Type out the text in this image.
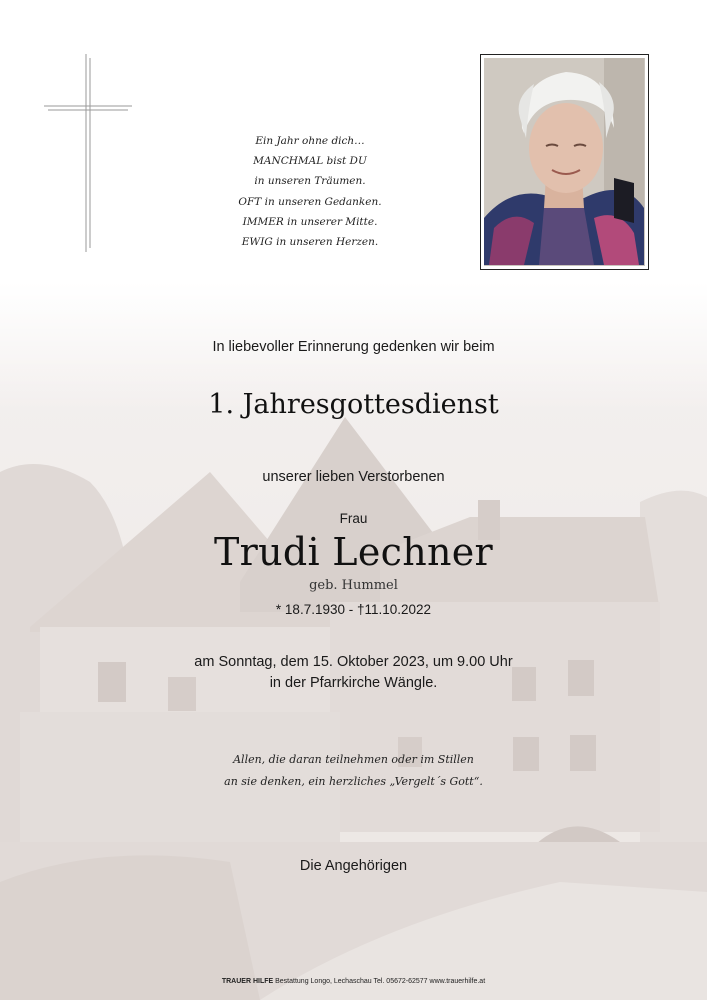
Ein Jahr ohne dich…
MANCHMAL bist DU
in unseren Träumen.
OFT in unseren Gedanken.
IMMER in unserer Mitte.
EWIG in unseren Herzen.
In liebevoller Erinnerung gedenken wir beim
1. Jahresgottesdienst
unserer lieben Verstorbenen
Frau
Trudi Lechner
geb. Hummel
* 18.7.1930 - †11.10.2022
am Sonntag, dem 15. Oktober 2023, um 9.00 Uhr
in der Pfarrkirche Wängle.
Allen, die daran teilnehmen oder im Stillen
an sie denken, ein herzliches „Vergelt´s Gott“.
Die Angehörigen
TRAUER HILFE Bestattung Longo, Lechaschau Tel. 05672-62577 www.trauerhilfe.at
